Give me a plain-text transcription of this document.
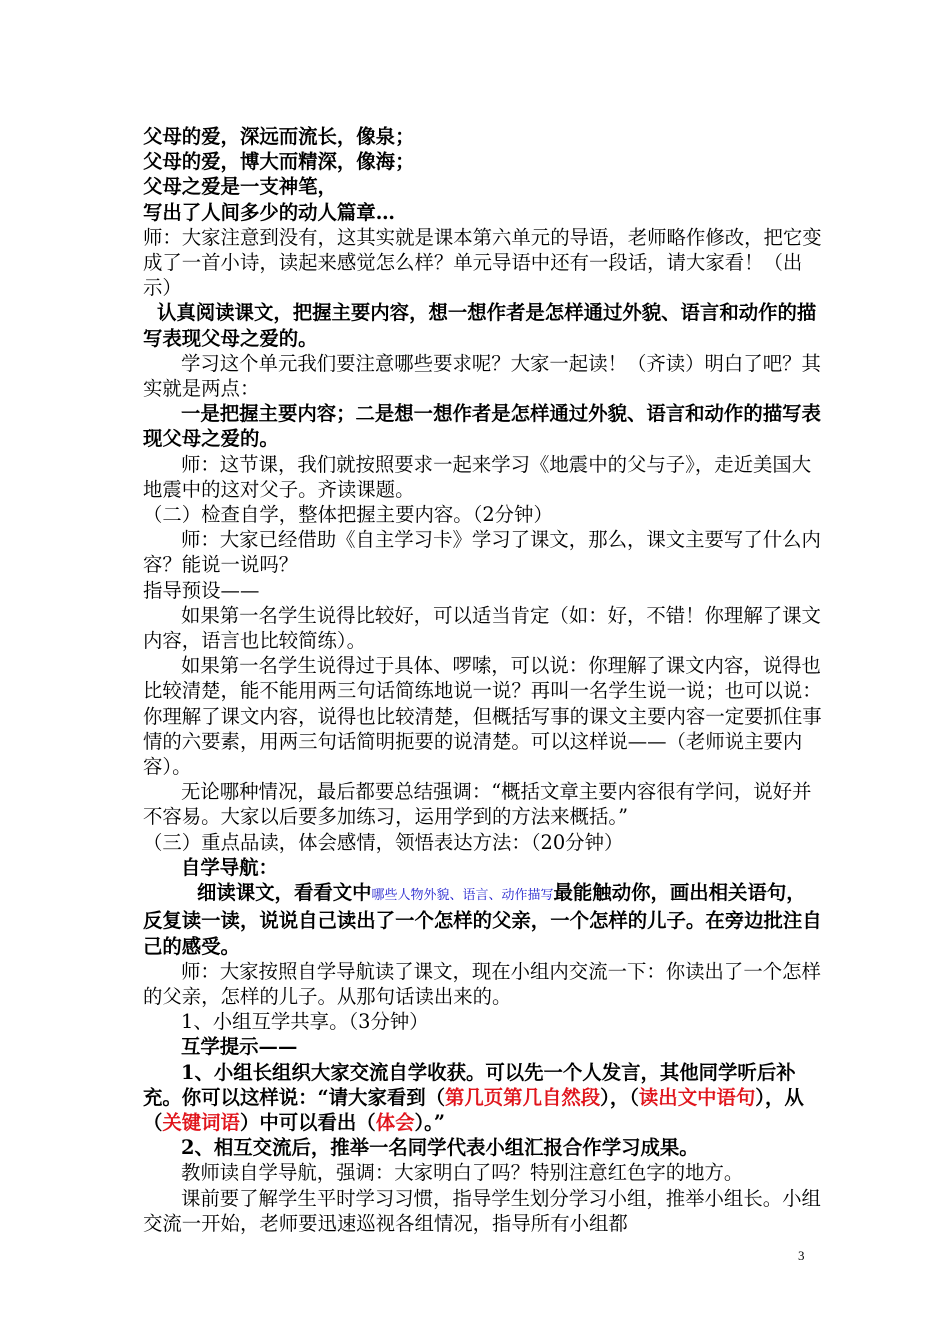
父母的爱，深远而流长，像泉；

父母的爱，博大而精深，像海；

父母之爱是一支神笔，

写出了人间多少的动人篇章…

师：大家注意到没有，这其实就是课本第六单元的导语，老师略作修改，把它变成了一首小诗，读起来感觉怎么样？单元导语中还有一段话，请大家看！（出示）

认真阅读课文，把握主要内容，想一想作者是怎样通过外貌、语言和动作的描写表现父母之爱的。

学习这个单元我们要注意哪些要求呢？大家一起读！（齐读）明白了吧？其实就是两点：

一是把握主要内容；二是想一想作者是怎样通过外貌、语言和动作的描写表现父母之爱的。

师：这节课，我们就按照要求一起来学习《地震中的父与子》，走近美国大地震中的这对父子。齐读课题。

（二）检查自学，整体把握主要内容。（2分钟）

师：大家已经借助《自主学习卡》学习了课文，那么，课文主要写了什么内容？能说一说吗？

指导预设——

如果第一名学生说得比较好，可以适当肯定（如：好，不错！你理解了课文内容，语言也比较简练）。

如果第一名学生说得过于具体、啰嗦，可以说：你理解了课文内容，说得也比较清楚，能不能用两三句话简练地说一说？再叫一名学生说一说；也可以说：你理解了课文内容，说得也比较清楚，但概括写事的课文主要内容一定要抓住事情的六要素，用两三句话简明扼要的说清楚。可以这样说——（老师说主要内容）。

无论哪种情况，最后都要总结强调：“概括文章主要内容很有学问，说好并不容易。大家以后要多加练习，运用学到的方法来概括。”

（三）重点品读，体会感情，领悟表达方法：（20分钟）

自学导航：

细读课文，看看文中哪些人物外貌、语言、动作描写最能触动你，画出相关语句，反复读一读，说说自己读出了一个怎样的父亲，一个怎样的儿子。在旁边批注自己的感受。

师：大家按照自学导航读了课文，现在小组内交流一下：你读出了一个怎样的父亲，怎样的儿子。从那句话读出来的。

1、小组互学共享。（3分钟）

互学提示——

1、小组长组织大家交流自学收获。可以先一个人发言，其他同学听后补充。你可以这样说：“请大家看到（第几页第几自然段），（读出文中语句），从（关键词语）中可以看出（体会）。”

2、相互交流后，推举一名同学代表小组汇报合作学习成果。

教师读自学导航，强调：大家明白了吗？特别注意红色字的地方。

课前要了解学生平时学习习惯，指导学生划分学习小组，推举小组长。小组交流一开始，老师要迅速巡视各组情况，指导所有小组都

3
